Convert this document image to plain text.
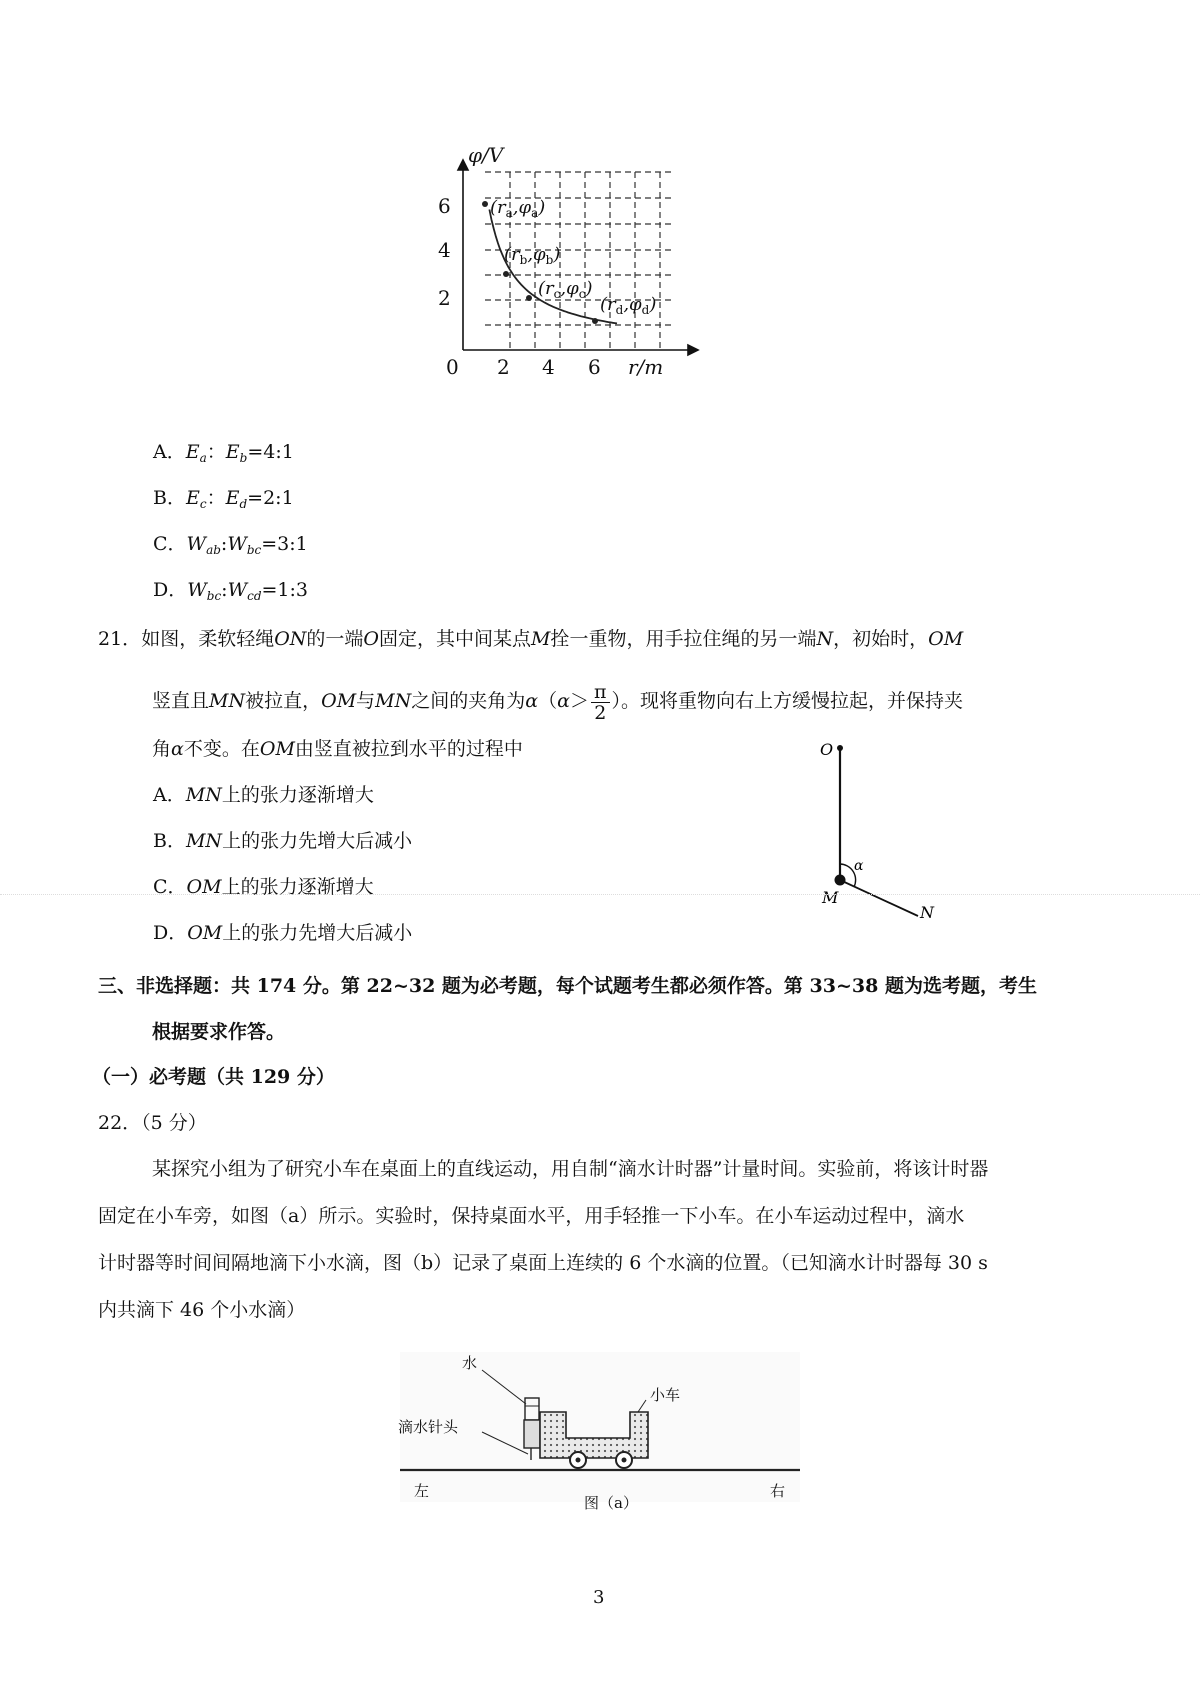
φ/V
r/m
0
6
4
2
2 4 6
$(r_a,\varphi_a)$
$(r_b,\varphi_b)$
$(r_c,\varphi_c)$
$(r_d,\varphi_d)$
A．$E_a$：$E_b=4:1$
B．$E_c$：$E_d=2:1$
C．$W_{ab}:W_{bc}=3:1$
D．$W_{bc}:W_{cd}=1:3$
21．如图，柔软轻绳ON的一端O固定，其中间某点M拴一重物，用手拉住绳的另一端N，初始时，OM
竖直且MN被拉直，OM与MN之间的夹角为$\alpha(\alpha> \frac{\pi}{2}$ ）。现将重物向右上方缓慢拉起，并保持夹
角α不变。在OM由竖直被拉到水平的过程中
A．MN上的张力逐渐增大
B．MN上的张力先增大后减小
C．OM上的张力逐渐增大
D．OM上的张力先增大后减小
O
M
N
α
三、非选择题：共 174 分。第 22~32 题为必考题，每个试题考生都必须作答。第 33~38 题为选考题，考生
根据要求作答。
（一）必考题（共 129 分）
22．（5 分）
某探究小组为了研究小车在桌面上的直线运动，用自制“滴水计时器”计量时间。实验前，将该计时器
固定在小车旁，如图（a）所示。实验时，保持桌面水平，用手轻推一下小车。在小车运动过程中，滴水
计时器等时间间隔地滴下小水滴，图（b）记录了桌面上连续的 6 个水滴的位置。（已知滴水计时器每 30 s
内共滴下 46 个小水滴）
水
小车
滴水针头
左	右
图（a）
3
